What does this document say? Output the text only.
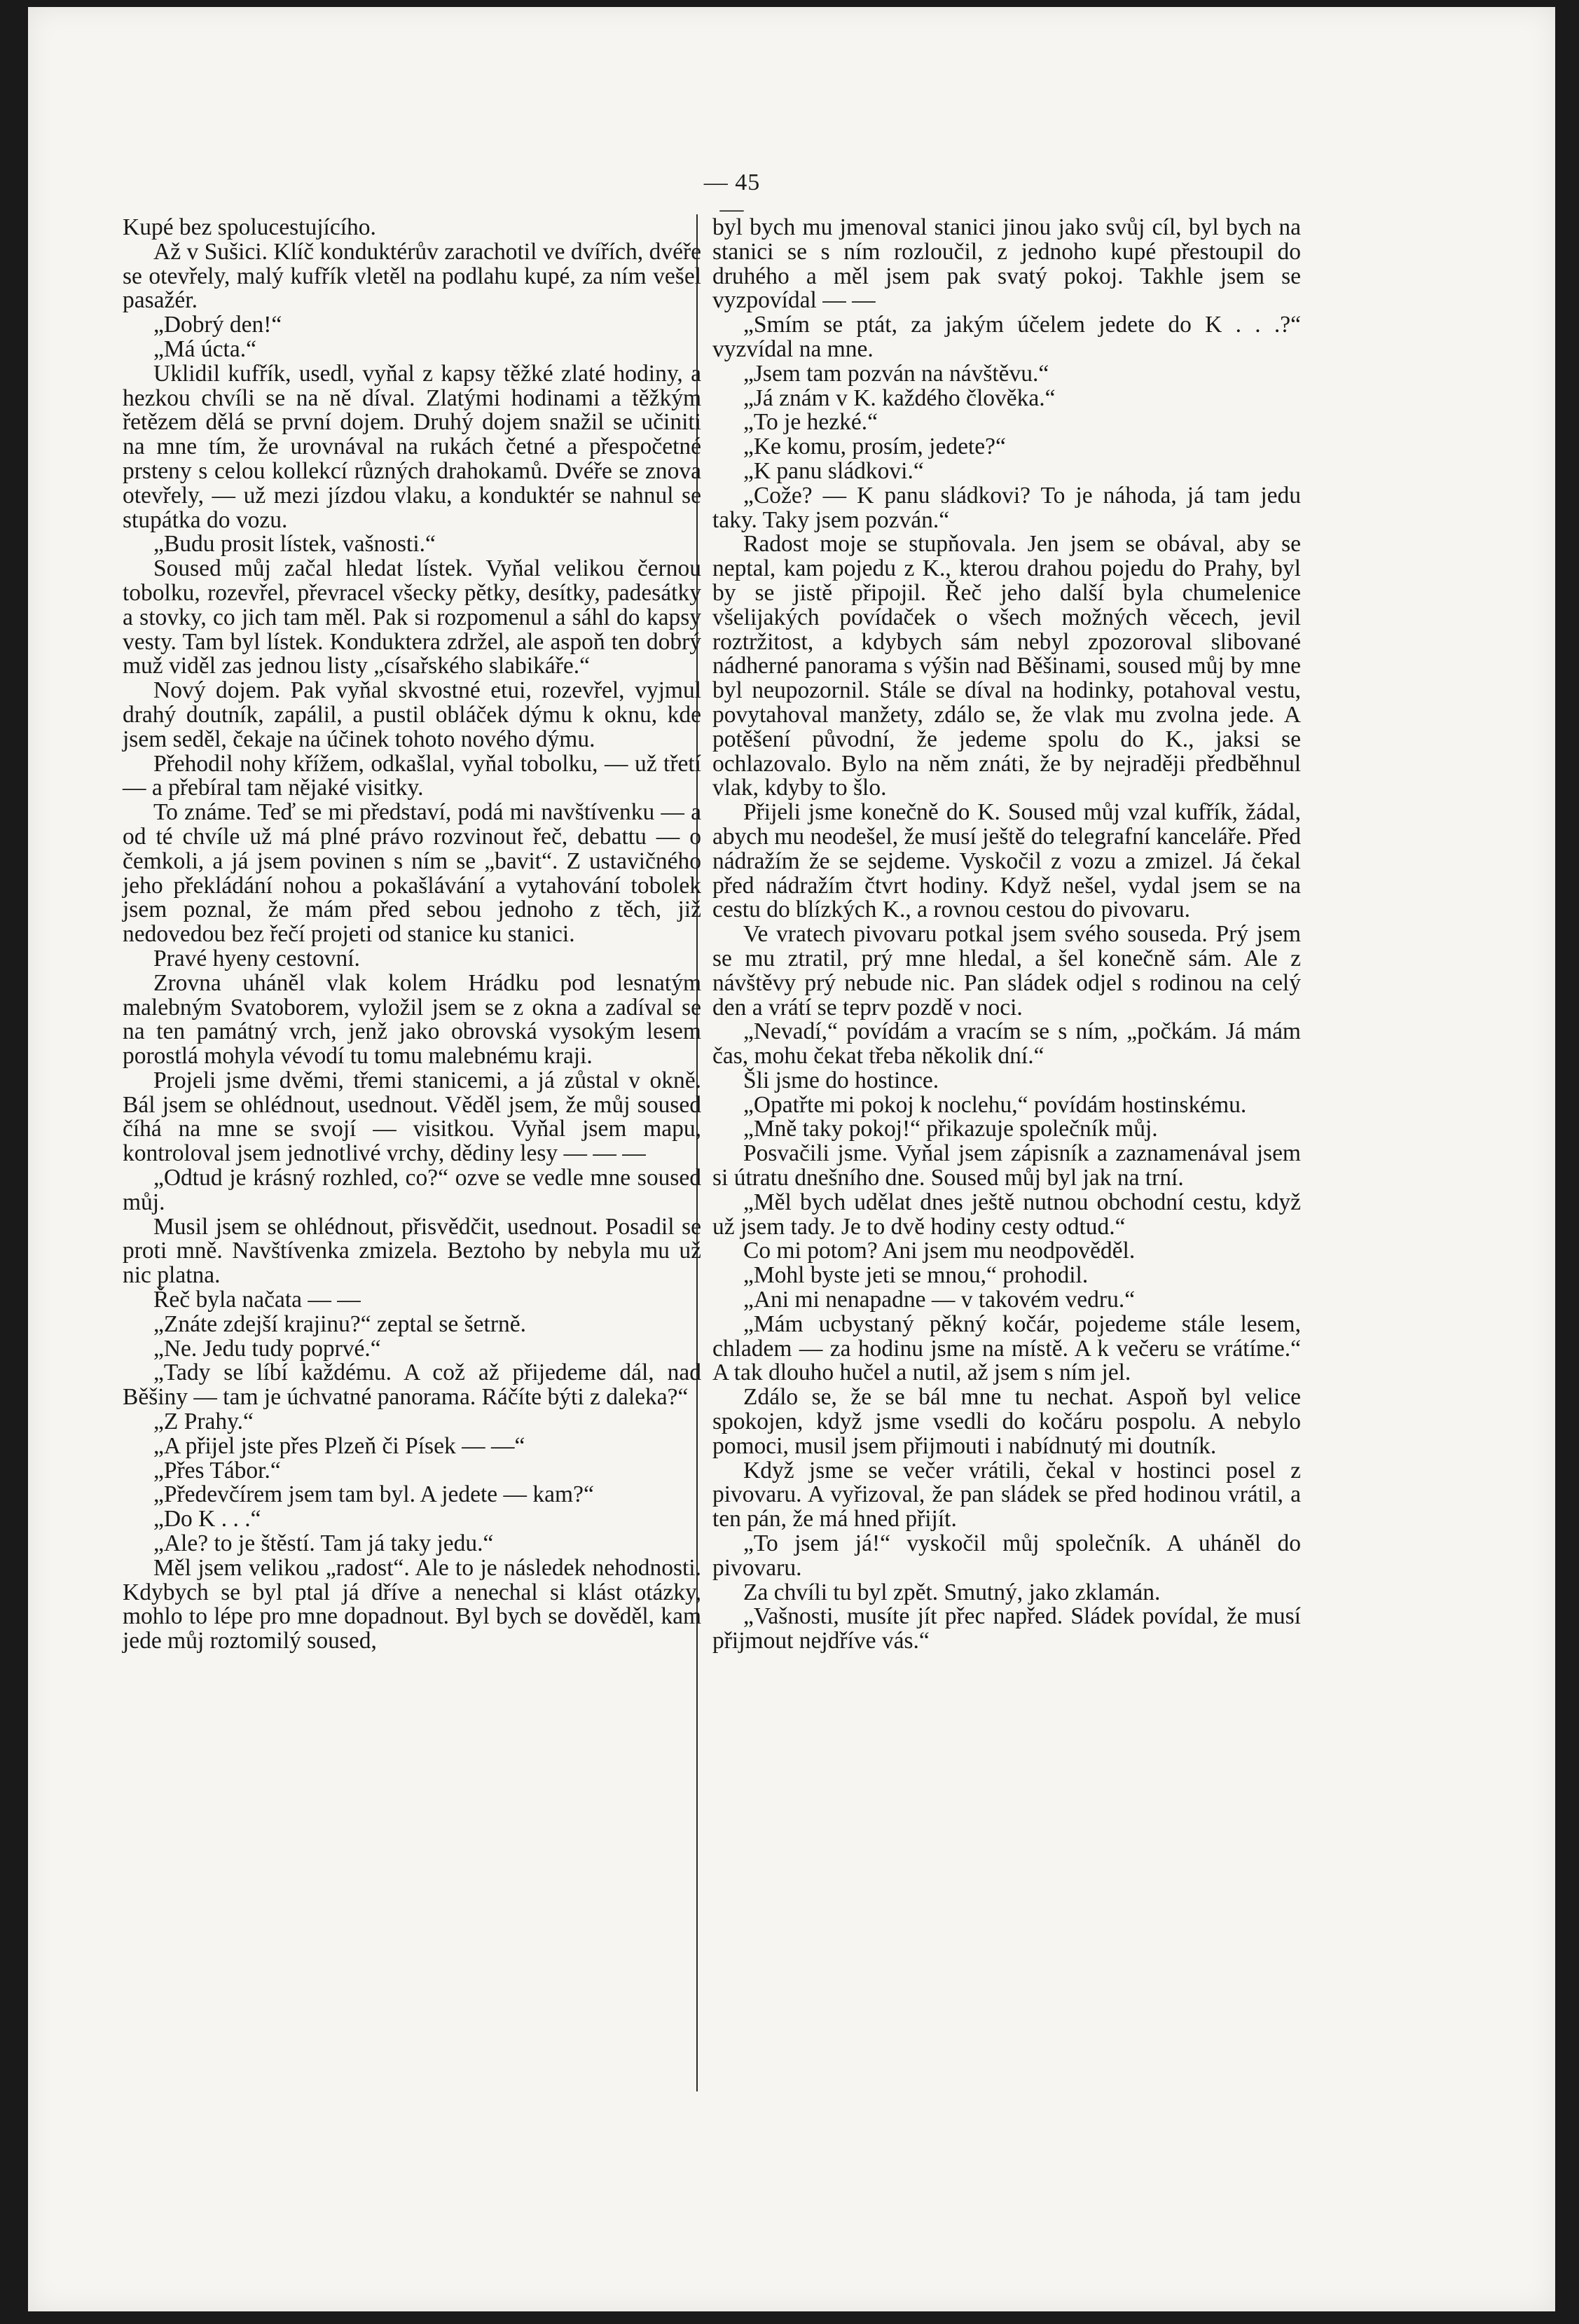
— 45 —

Kupé bez spolucestujícího.

Až v Sušici. Klíč konduktérův zarachotil ve dvířích, dvéře se otevřely, malý kufřík vletěl na podlahu kupé, za ním vešel pasažér.

„Dobrý den!“

„Má úcta.“

Uklidil kufřík, usedl, vyňal z kapsy těžké zlaté hodiny, a hezkou chvíli se na ně díval. Zlatými hodinami a těžkým řetězem dělá se první dojem. Druhý dojem snažil se učiniti na mne tím, že urovnával na rukách četné a přespočetné prsteny s celou kollekcí různých drahokamů. Dvéře se znova otevřely, — už mezi jízdou vlaku, a konduktér se nahnul se stupátka do vozu.

„Budu prosit lístek, vašnosti.“

Soused můj začal hledat lístek. Vyňal velikou černou tobolku, rozevřel, převracel všecky pětky, desítky, padesátky a stovky, co jich tam měl. Pak si rozpomenul a sáhl do kapsy vesty. Tam byl lístek. Konduktera zdržel, ale aspoň ten dobrý muž viděl zas jednou listy „císařského slabikáře.“

Nový dojem. Pak vyňal skvostné etui, rozevřel, vyjmul drahý doutník, zapálil, a pustil obláček dýmu k oknu, kde jsem seděl, čekaje na účinek tohoto nového dýmu.

Přehodil nohy křížem, odkašlal, vyňal tobolku, — už třetí — a přebíral tam nějaké visitky.

To známe. Teď se mi představí, podá mi navštívenku — a od té chvíle už má plné právo rozvinout řeč, debattu — o čemkoli, a já jsem povinen s ním se „bavit“. Z ustavičného jeho překládání nohou a pokašlávání a vytahování tobolek jsem poznal, že mám před sebou jednoho z těch, již nedovedou bez řečí projeti od stanice ku stanici.

Pravé hyeny cestovní.

Zrovna uháněl vlak kolem Hrádku pod lesnatým malebným Svatoborem, vyložil jsem se z okna a zadíval se na ten památný vrch, jenž jako obrovská vysokým lesem porostlá mohyla vévodí tu tomu malebnému kraji.

Projeli jsme dvěmi, třemi stanicemi, a já zůstal v okně. Bál jsem se ohlédnout, usednout. Věděl jsem, že můj soused číhá na mne se svojí — visitkou. Vyňal jsem mapu, kontroloval jsem jednotlivé vrchy, dědiny lesy — — —

„Odtud je krásný rozhled, co?“ ozve se vedle mne soused můj.

Musil jsem se ohlédnout, přisvědčit, usednout. Posadil se proti mně. Navštívenka zmizela. Beztoho by nebyla mu už nic platna.

Řeč byla načata — —

„Znáte zdejší krajinu?“ zeptal se šetrně.

„Ne. Jedu tudy poprvé.“

„Tady se líbí každému. A což až přijedeme dál, nad Běšiny — tam je úchvatné panorama. Ráčíte býti z daleka?“

„Z Prahy.“

„A přijel jste přes Plzeň či Písek — —“

„Přes Tábor.“

„Předevčírem jsem tam byl. A jedete — kam?“

„Do K . . .“

„Ale? to je štěstí. Tam já taky jedu.“

Měl jsem velikou „radost“. Ale to je následek nehodnosti. Kdybych se byl ptal já dříve a nenechal si klást otázky, mohlo to lépe pro mne dopadnout. Byl bych se dověděl, kam jede můj roztomilý soused,

byl bych mu jmenoval stanici jinou jako svůj cíl, byl bych na stanici se s ním rozloučil, z jednoho kupé přestoupil do druhého a měl jsem pak svatý pokoj. Takhle jsem se vyzpovídal — —

„Smím se ptát, za jakým účelem jedete do K . . .?“ vyzvídal na mne.

„Jsem tam pozván na návštěvu.“

„Já znám v K. každého člověka.“

„To je hezké.“

„Ke komu, prosím, jedete?“

„K panu sládkovi.“

„Cože? — K panu sládkovi? To je náhoda, já tam jedu taky. Taky jsem pozván.“

Radost moje se stupňovala. Jen jsem se obával, aby se neptal, kam pojedu z K., kterou drahou pojedu do Prahy, byl by se jistě připojil. Řeč jeho další byla chumelenice všelijakých povídaček o všech možných věcech, jevil roztržitost, a kdybych sám nebyl zpozoroval slibované nádherné panorama s výšin nad Běšinami, soused můj by mne byl neupozornil. Stále se díval na hodinky, potahoval vestu, povytahoval manžety, zdálo se, že vlak mu zvolna jede. A potěšení původní, že jedeme spolu do K., jaksi se ochlazovalo. Bylo na něm znáti, že by nejraději předběhnul vlak, kdyby to šlo.

Přijeli jsme konečně do K. Soused můj vzal kufřík, žádal, abych mu neodešel, že musí ještě do telegrafní kanceláře. Před nádražím že se sejdeme. Vyskočil z vozu a zmizel. Já čekal před nádražím čtvrt hodiny. Když nešel, vydal jsem se na cestu do blízkých K., a rovnou cestou do pivovaru.

Ve vratech pivovaru potkal jsem svého souseda. Prý jsem se mu ztratil, prý mne hledal, a šel konečně sám. Ale z návštěvy prý nebude nic. Pan sládek odjel s rodinou na celý den a vrátí se teprv pozdě v noci.

„Nevadí,“ povídám a vracím se s ním, „počkám. Já mám čas, mohu čekat třeba několik dní.“

Šli jsme do hostince.

„Opatřte mi pokoj k noclehu,“ povídám hostinskému.

„Mně taky pokoj!“ přikazuje společník můj.

Posvačili jsme. Vyňal jsem zápisník a zaznamenával jsem si útratu dnešního dne. Soused můj byl jak na trní.

„Měl bych udělat dnes ještě nutnou obchodní cestu, když už jsem tady. Je to dvě hodiny cesty odtud.“

Co mi potom? Ani jsem mu neodpověděl.

„Mohl byste jeti se mnou,“ prohodil.

„Ani mi nenapadne — v takovém vedru.“

„Mám ucbystaný pěkný kočár, pojedeme stále lesem, chladem — za hodinu jsme na místě. A k večeru se vrátíme.“ A tak dlouho hučel a nutil, až jsem s ním jel.

Zdálo se, že se bál mne tu nechat. Aspoň byl velice spokojen, když jsme vsedli do kočáru pospolu. A nebylo pomoci, musil jsem přijmouti i nabídnutý mi doutník.

Když jsme se večer vrátili, čekal v hostinci posel z pivovaru. A vyřizoval, že pan sládek se před hodinou vrátil, a ten pán, že má hned přijít.

„To jsem já!“ vyskočil můj společník. A uháněl do pivovaru.

Za chvíli tu byl zpět. Smutný, jako zklamán.

„Vašnosti, musíte jít přec napřed. Sládek povídal, že musí přijmout nejdříve vás.“
